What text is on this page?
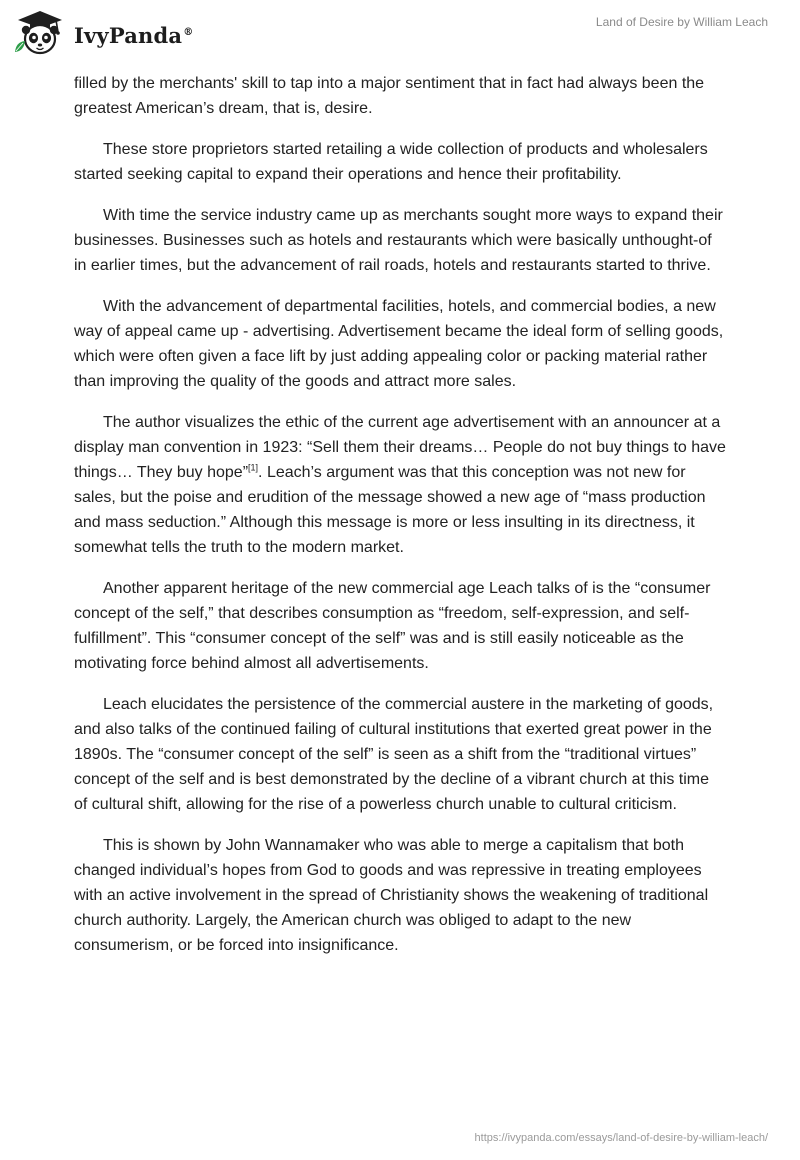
IvyPanda®
Land of Desire by William Leach

filled by the merchants' skill to tap into a major sentiment that in fact had always been the greatest American’s dream, that is, desire.

These store proprietors started retailing a wide collection of products and wholesalers started seeking capital to expand their operations and hence their profitability.

With time the service industry came up as merchants sought more ways to expand their businesses. Businesses such as hotels and restaurants which were basically unthought-of in earlier times, but the advancement of rail roads, hotels and restaurants started to thrive.

With the advancement of departmental facilities, hotels, and commercial bodies, a new way of appeal came up - advertising. Advertisement became the ideal form of selling goods, which were often given a face lift by just adding appealing color or packing material rather than improving the quality of the goods and attract more sales.

The author visualizes the ethic of the current age advertisement with an announcer at a display man convention in 1923: “Sell them their dreams… People do not buy things to have things… They buy hope”[1]. Leach’s argument was that this conception was not new for sales, but the poise and erudition of the message showed a new age of “mass production and mass seduction.” Although this message is more or less insulting in its directness, it somewhat tells the truth to the modern market.

Another apparent heritage of the new commercial age Leach talks of is the “consumer concept of the self,” that describes consumption as “freedom, self-expression, and self-fulfillment”. This “consumer concept of the self” was and is still easily noticeable as the motivating force behind almost all advertisements.

Leach elucidates the persistence of the commercial austere in the marketing of goods, and also talks of the continued failing of cultural institutions that exerted great power in the 1890s. The “consumer concept of the self” is seen as a shift from the “traditional virtues” concept of the self and is best demonstrated by the decline of a vibrant church at this time of cultural shift, allowing for the rise of a powerless church unable to cultural criticism.

This is shown by John Wannamaker who was able to merge a capitalism that both changed individual’s hopes from God to goods and was repressive in treating employees with an active involvement in the spread of Christianity shows the weakening of traditional church authority. Largely, the American church was obliged to adapt to the new consumerism, or be forced into insignificance.

https://ivypanda.com/essays/land-of-desire-by-william-leach/
